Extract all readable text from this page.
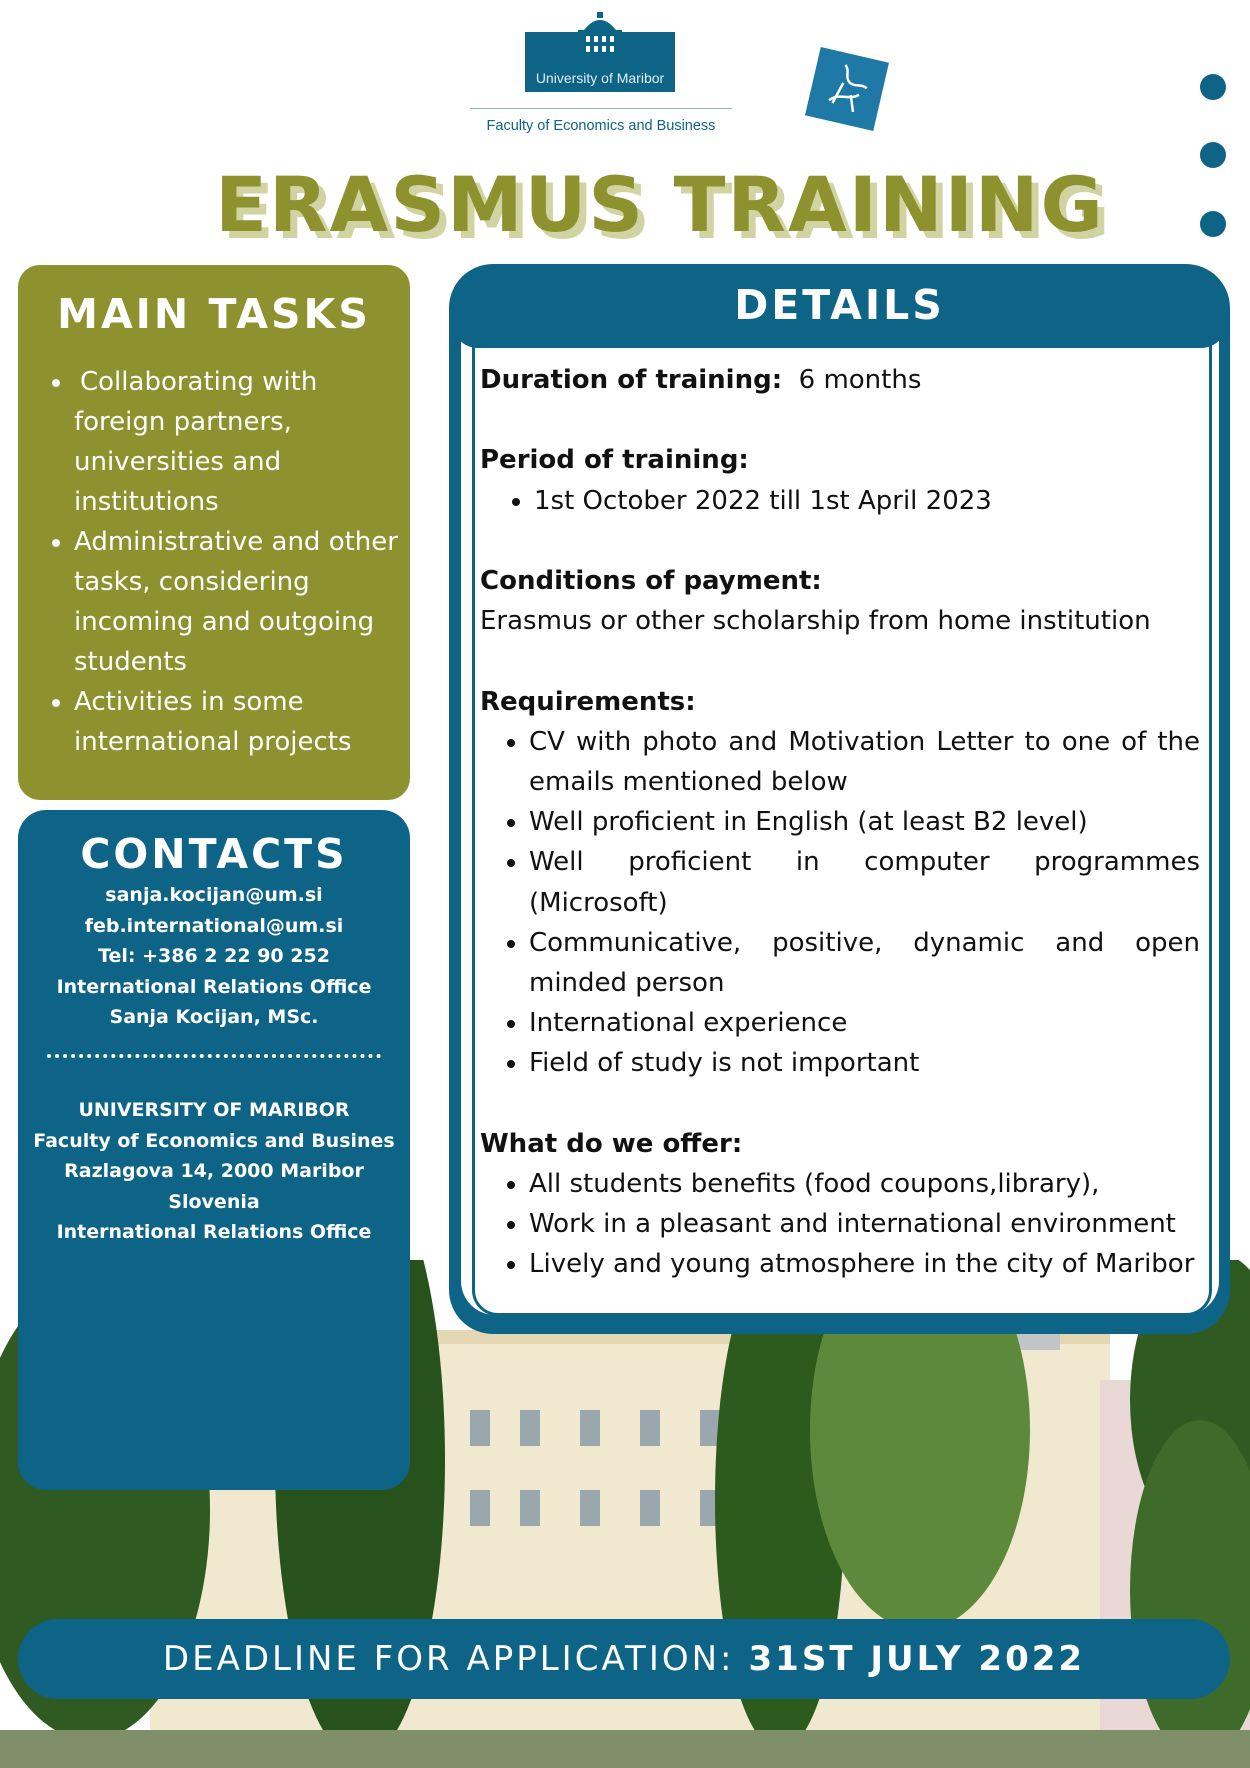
University of Maribor
Faculty of Economics and Business
ERASMUS TRAINING
MAIN TASKS
• Collaborating with foreign partners, universities and institutions
• Administrative and other tasks, considering incoming and outgoing students
• Activities in some international projects
CONTACTS
sanja.kocijan@um.si
feb.international@um.si
Tel: +386 2 22 90 252
International Relations Office
Sanja Kocijan, MSc.
UNIVERSITY OF MARIBOR
Faculty of Economics and Busines
Razlagova 14, 2000 Maribor
Slovenia
International Relations Office
DETAILS

Duration of training: 6 months

Period of training:

• 1st October 2022 till 1st April 2023

Conditions of payment:

Erasmus or other scholarship from home institution

Requirements:

• CV with photo and Motivation Letter to one of the emails mentioned below
• Well proficient in English (at least B2 level)
• Well proficient in computer programmes (Microsoft)
• Communicative, positive, dynamic and open minded person
• International experience
• Field of study is not important

What do we offer:

• All students benefits (food coupons,library),
• Work in a pleasant and international environment
• Lively and young atmosphere in the city of Maribor
DEADLINE FOR APPLICATION: 31ST JULY 2022
